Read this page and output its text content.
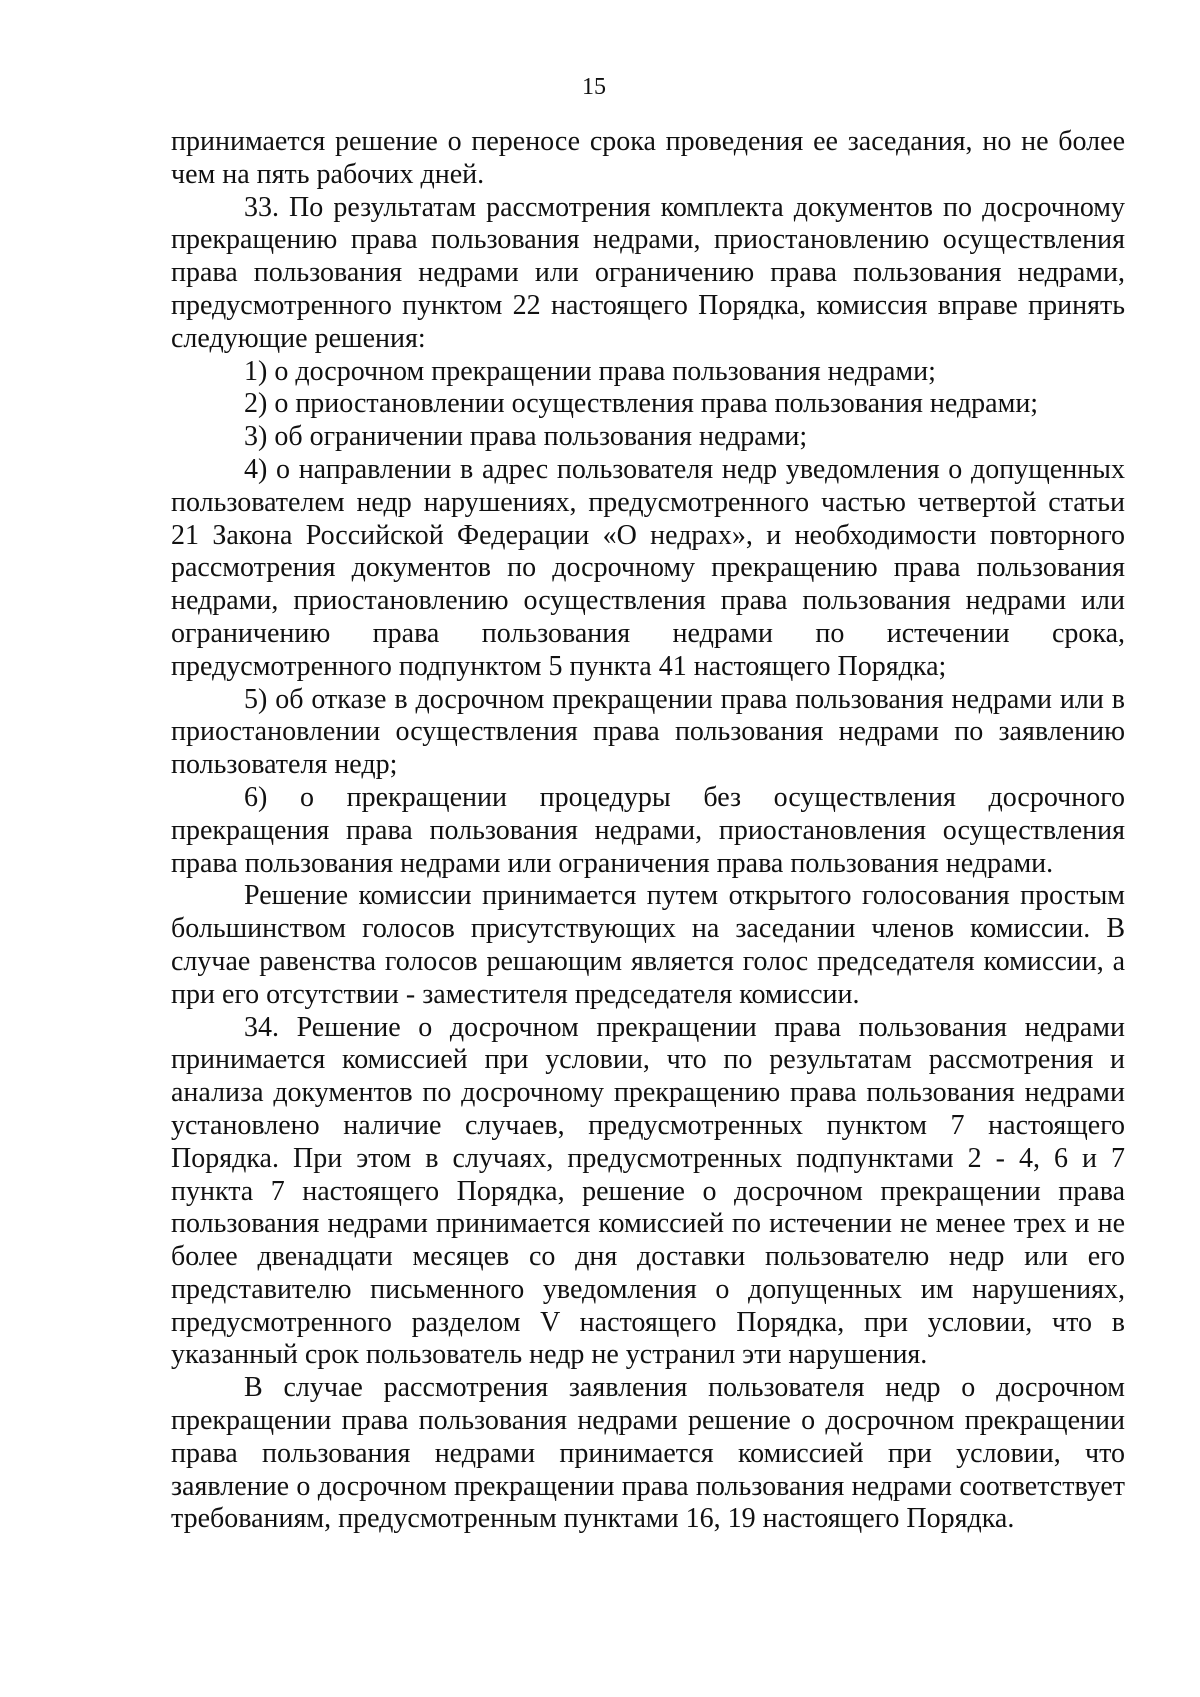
15

принимается решение о переносе срока проведения ее заседания, но не более чем на пять рабочих дней.

33. По результатам рассмотрения комплекта документов по досрочному прекращению права пользования недрами, приостановлению осуществления права пользования недрами или ограничению права пользования недрами, предусмотренного пунктом 22 настоящего Порядка, комиссия вправе принять следующие решения:

1) о досрочном прекращении права пользования недрами;

2) о приостановлении осуществления права пользования недрами;

3) об ограничении права пользования недрами;

4) о направлении в адрес пользователя недр уведомления о допущенных пользователем недр нарушениях, предусмотренного частью четвертой статьи 21 Закона Российской Федерации «О недрах», и необходимости повторного рассмотрения документов по досрочному прекращению права пользования недрами, приостановлению осуществления права пользования недрами или ограничению права пользования недрами по истечении срока, предусмотренного подпунктом 5 пункта 41 настоящего Порядка;

5) об отказе в досрочном прекращении права пользования недрами или в приостановлении осуществления права пользования недрами по заявлению пользователя недр;

6) о прекращении процедуры без осуществления досрочного прекращения права пользования недрами, приостановления осуществления права пользования недрами или ограничения права пользования недрами.

Решение комиссии принимается путем открытого голосования простым большинством голосов присутствующих на заседании членов комиссии. В случае равенства голосов решающим является голос председателя комиссии, а при его отсутствии - заместителя председателя комиссии.

34. Решение о досрочном прекращении права пользования недрами принимается комиссией при условии, что по результатам рассмотрения и анализа документов по досрочному прекращению права пользования недрами установлено наличие случаев, предусмотренных пунктом 7 настоящего Порядка. При этом в случаях, предусмотренных подпунктами 2 - 4, 6 и 7 пункта 7 настоящего Порядка, решение о досрочном прекращении права пользования недрами принимается комиссией по истечении не менее трех и не более двенадцати месяцев со дня доставки пользователю недр или его представителю письменного уведомления о допущенных им нарушениях, предусмотренного разделом V настоящего Порядка, при условии, что в указанный срок пользователь недр не устранил эти нарушения.

В случае рассмотрения заявления пользователя недр о досрочном прекращении права пользования недрами решение о досрочном прекращении права пользования недрами принимается комиссией при условии, что заявление о досрочном прекращении права пользования недрами соответствует требованиям, предусмотренным пунктами 16, 19 настоящего Порядка.
